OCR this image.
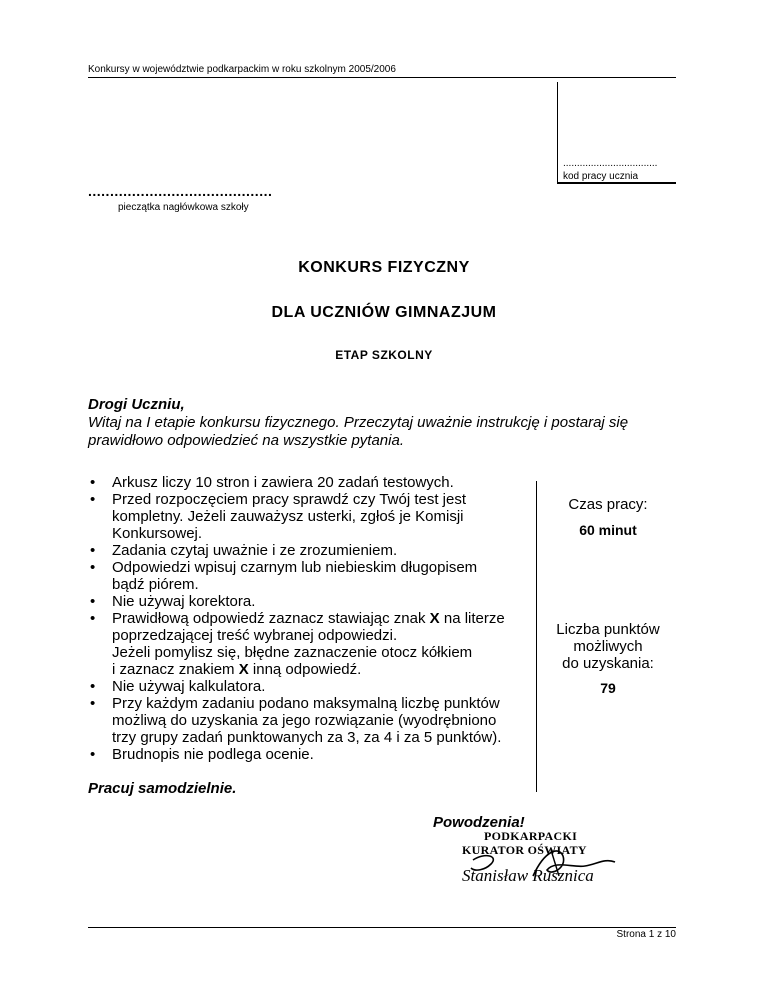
Konkursy w województwie podkarpackim w roku szkolnym 2005/2006
..................................
kod pracy ucznia
..........................................
pieczątka nagłówkowa szkoły
KONKURS FIZYCZNY
DLA UCZNIÓW GIMNAZJUM
ETAP SZKOLNY
Drogi Uczniu,
Witaj na I etapie konkursu fizycznego. Przeczytaj uważnie instrukcję i postaraj się prawidłowo odpowiedzieć na wszystkie pytania.
• Arkusz liczy 10 stron i zawiera 20 zadań testowych.
• Przed rozpoczęciem pracy sprawdź czy Twój test jest
kompletny. Jeżeli zauważysz usterki, zgłoś je Komisji
Konkursowej.
• Zadania czytaj uważnie i ze zrozumieniem.
• Odpowiedzi wpisuj czarnym lub niebieskim długopisem
bądź piórem.
• Nie używaj korektora.
• Prawidłową odpowiedź zaznacz stawiając znak X na literze
poprzedzającej treść wybranej odpowiedzi.
Jeżeli pomylisz się, błędne zaznaczenie otocz kółkiem
i zaznacz znakiem X inną odpowiedź.
• Nie używaj kalkulatora.
• Przy każdym zadaniu podano maksymalną liczbę punktów
możliwą do uzyskania za jego rozwiązanie (wyodrębniono
trzy grupy zadań punktowanych za 3, za 4 i za 5 punktów).
• Brudnopis nie podlega ocenie.
Czas pracy:
60 minut
Liczba punktów
możliwych
do uzyskania:
79
Pracuj samodzielnie.
Powodzenia!
PODKARPACKI
KURATOR OŚWIATY
Stanisław Rusznica
Strona 1 z 10
